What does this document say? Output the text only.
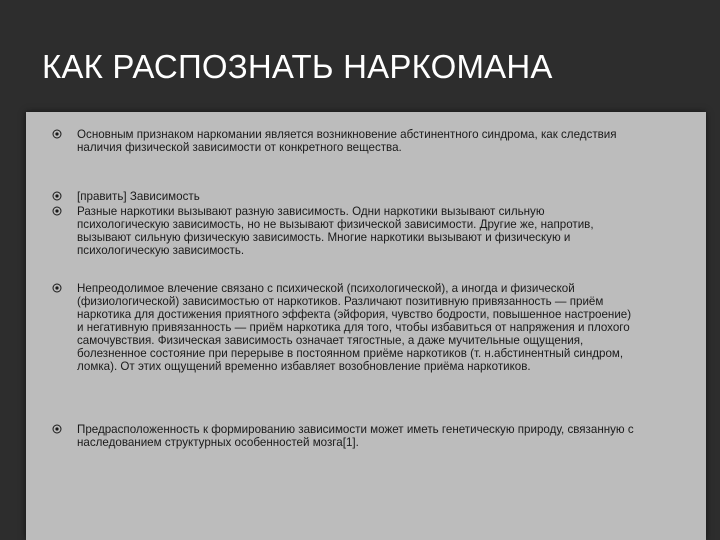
КАК РАСПОЗНАТЬ НАРКОМАНА

Основным признаком наркомании является возникновение абстинентного синдрома, как следствия наличия физической зависимости от конкретного вещества.

[править] Зависимость

Разные наркотики вызывают разную зависимость. Одни наркотики вызывают сильную психологическую зависимость, но не вызывают физической зависимости. Другие же, напротив, вызывают сильную физическую зависимость. Многие наркотики вызывают и физическую и психологическую зависимость.

Непреодолимое влечение связано с психической (психологической), а иногда и физической (физиологической) зависимостью от наркотиков. Различают позитивную привязанность — приём наркотика для достижения приятного эффекта (эйфория, чувство бодрости, повышенное настроение) и негативную привязанность — приём наркотика для того, чтобы избавиться от напряжения и плохого самочувствия. Физическая зависимость означает тягостные, а даже мучительные ощущения, болезненное состояние при перерыве в постоянном приёме наркотиков (т. н.абстинентный синдром, ломка). От этих ощущений временно избавляет возобновление приёма наркотиков.

Предрасположенность к формированию зависимости может иметь генетическую природу, связанную с наследованием структурных особенностей мозга[1].
